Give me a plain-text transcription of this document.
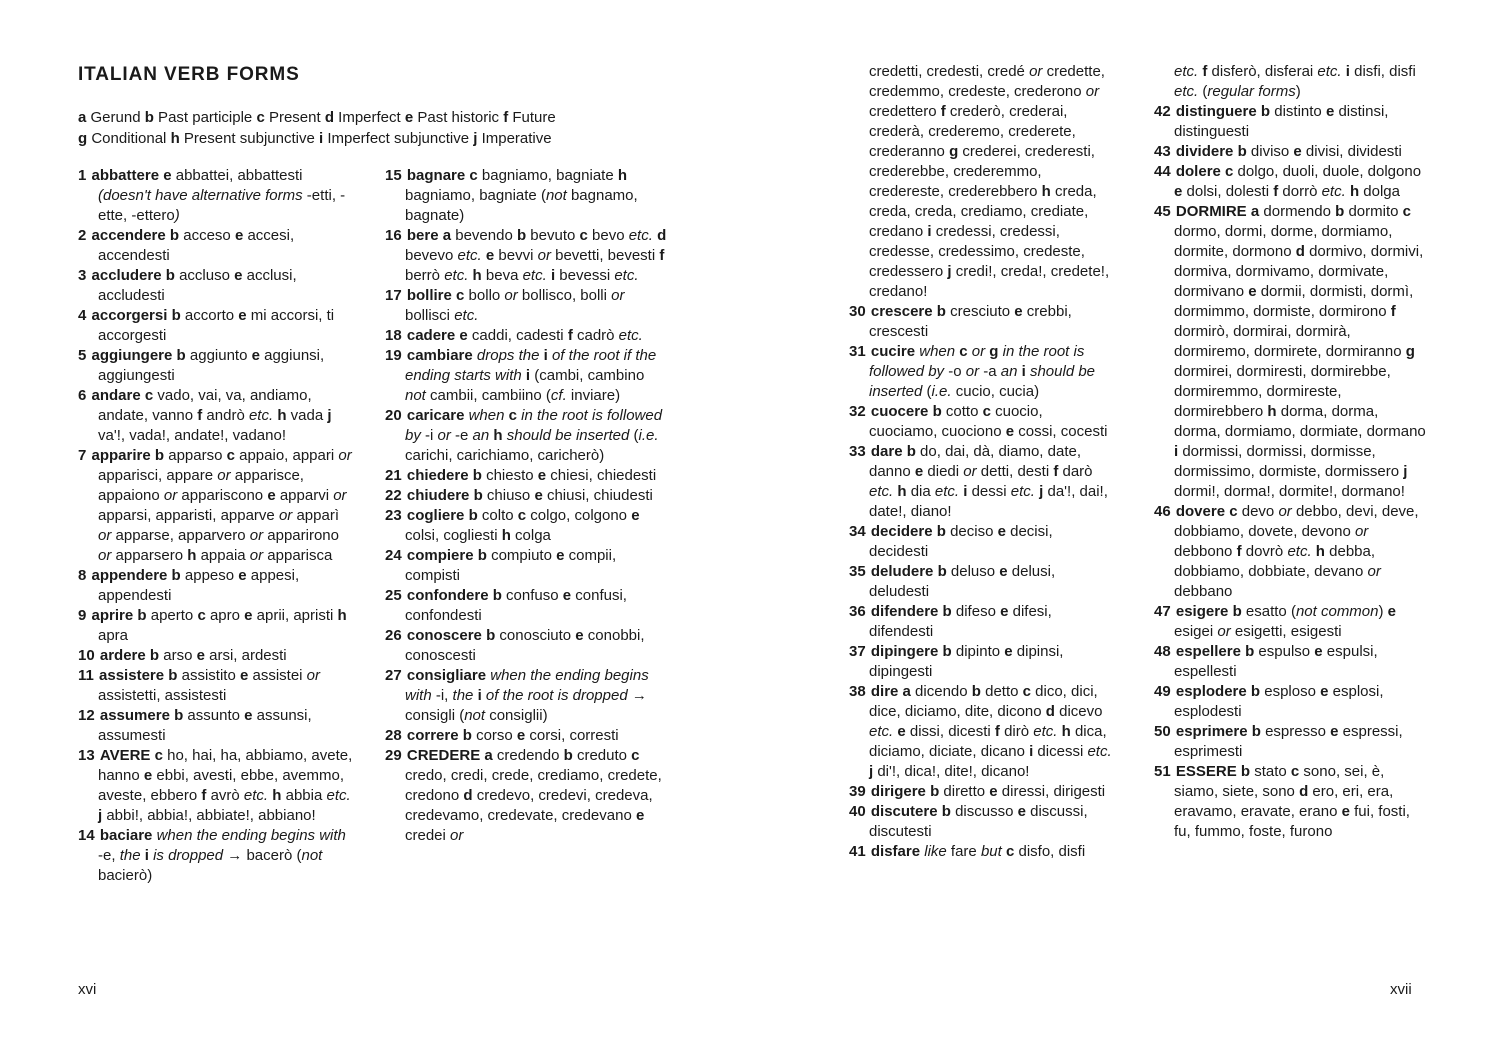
ITALIAN VERB FORMS

a Gerund b Past participle c Present d Imperfect e Past historic f Future

g Conditional h Present subjunctive i Imperfect subjunctive j Imperative

1 abbattere e abbattei, abbattesti (doesn't have alternative forms -etti, -ette, -ettero)

2 accendere b acceso e accesi, accendesti

3 accludere b accluso e acclusi, accludesti

4 accorgersi b accorto e mi accorsi, ti accorgesti

5 aggiungere b aggiunto e aggiunsi, aggiungesti

6 andare c vado, vai, va, andiamo, andate, vanno f andrò etc. h vada j va'!, vada!, andate!, vadano!

7 apparire b apparso c appaio, appari or apparisci, appare or apparisce, appaiono or appariscono e apparvi or apparsi, apparisti, apparve or apparì or apparse, apparvero or apparirono or apparsero h appaia or apparisca

8 appendere b appeso e appesi, appendesti

9 aprire b aperto c apro e aprii, apristi h apra

10 ardere b arso e arsi, ardesti

11 assistere b assistito e assistei or assistetti, assistesti

12 assumere b assunto e assunsi, assumesti

13 AVERE c ho, hai, ha, abbiamo, avete, hanno e ebbi, avesti, ebbe, avemmo, aveste, ebbero f avrò etc. h abbia etc. j abbi!, abbia!, abbiate!, abbiano!

14 baciare when the ending begins with -e, the i is dropped → bacerò (not bacierò)

15 bagnare c bagniamo, bagniate h bagniamo, bagniate (not bagnamo, bagnate)

16 bere a bevendo b bevuto c bevo etc. d bevevo etc. e bevvi or bevetti, bevesti f berrò etc. h beva etc. i bevessi etc.

17 bollire c bollo or bollisco, bolli or bollisci etc.

18 cadere e caddi, cadesti f cadrò etc.

19 cambiare drops the i of the root if the ending starts with i (cambi, cambino not cambii, cambiino (cf. inviare)

20 caricare when c in the root is followed by -i or -e an h should be inserted (i.e. carichi, carichiamo, caricherò)

21 chiedere b chiesto e chiesi, chiedesti

22 chiudere b chiuso e chiusi, chiudesti

23 cogliere b colto c colgo, colgono e colsi, cogliesti h colga

24 compiere b compiuto e compii, compisti

25 confondere b confuso e confusi, confondesti

26 conoscere b conosciuto e conobbi, conoscesti

27 consigliare when the ending begins with -i, the i of the root is dropped → consigli (not consiglii)

28 correre b corso e corsi, corresti

29 CREDERE a credendo b creduto c credo, credi, crede, crediamo, credete, credono d credevo, credevi, credeva, credevamo, credevate, credevano e credei or

xvi

credetti, credesti, credé or credette, credemmo, credeste, crederono or credettero f crederò, crederai, crederà, crederemo, crederete, crederanno g crederei, crederesti, crederebbe, crederemmo, credereste, crederebbero h creda, creda, creda, crediamo, crediate, credano i credessi, credessi, credesse, credessimo, credeste, credessero j credi!, creda!, credete!, credano!

30 crescere b cresciuto e crebbi, crescesti

31 cucire when c or g in the root is followed by -o or -a an i should be inserted (i.e. cucio, cucia)

32 cuocere b cotto c cuocio, cuociamo, cuociono e cossi, cocesti

33 dare b do, dai, dà, diamo, date, danno e diedi or detti, desti f darò etc. h dia etc. i dessi etc. j da'!, dai!, date!, diano!

34 decidere b deciso e decisi, decidesti

35 deludere b deluso e delusi, deludesti

36 difendere b difeso e difesi, difendesti

37 dipingere b dipinto e dipinsi, dipingesti

38 dire a dicendo b detto c dico, dici, dice, diciamo, dite, dicono d dicevo etc. e dissi, dicesti f dirò etc. h dica, diciamo, diciate, dicano i dicessi etc. j di'!, dica!, dite!, dicano!

39 dirigere b diretto e diressi, dirigesti

40 discutere b discusso e discussi, discutesti

41 disfare like fare but c disfo, disfi

etc. f disferò, disferai etc. i disfi, disfi etc. (regular forms)

42 distinguere b distinto e distinsi, distinguesti

43 dividere b diviso e divisi, dividesti

44 dolere c dolgo, duoli, duole, dolgono e dolsi, dolesti f dorrò etc. h dolga

45 DORMIRE a dormendo b dormito c dormo, dormi, dorme, dormiamo, dormite, dormono d dormivo, dormivi, dormiva, dormivamo, dormivate, dormivano e dormii, dormisti, dormì, dormimmo, dormiste, dormirono f dormirò, dormirai, dormirà, dormiremo, dormirete, dormiranno g dormirei, dormiresti, dormirebbe, dormiremmo, dormireste, dormirebbero h dorma, dorma, dorma, dormiamo, dormiate, dormano i dormissi, dormissi, dormisse, dormissimo, dormiste, dormissero j dormi!, dorma!, dormite!, dormano!

46 dovere c devo or debbo, devi, deve, dobbiamo, dovete, devono or debbono f dovrò etc. h debba, dobbiamo, dobbiate, devano or debbano

47 esigere b esatto (not common) e esigei or esigetti, esigesti

48 espellere b espulso e espulsi, espellesti

49 esplodere b esploso e esplosi, esplodesti

50 esprimere b espresso e espressi, esprimesti

51 ESSERE b stato c sono, sei, è, siamo, siete, sono d ero, eri, era, eravamo, eravate, erano e fui, fosti, fu, fummo, foste, furono

xvii
